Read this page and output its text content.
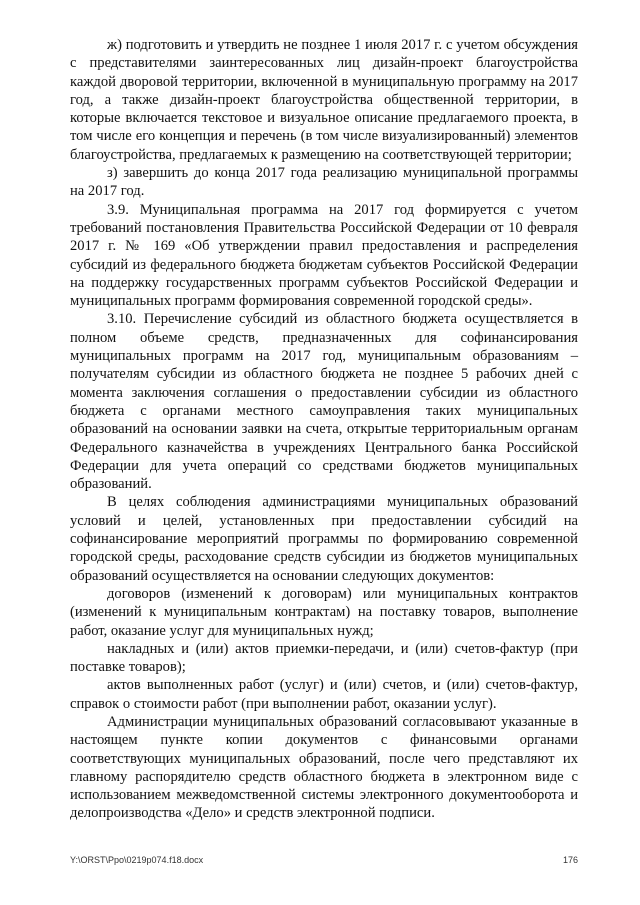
ж) подготовить и утвердить не позднее 1 июля 2017 г. с учетом обсуждения с представителями заинтересованных лиц дизайн-проект благоустройства каждой дворовой территории, включенной в муниципальную программу на 2017 год, а также дизайн-проект благоустройства общественной территории, в которые включается текстовое и визуальное описание предлагаемого проекта, в том числе его концепция и перечень (в том числе визуализированный) элементов благоустройства, предлагаемых к размещению на соответствующей территории;

з) завершить до конца 2017 года реализацию муниципальной программы на 2017 год.

3.9. Муниципальная программа на 2017 год формируется с учетом требований постановления Правительства Российской Федерации от 10 февраля 2017 г. № 169 «Об утверждении правил предоставления и распределения субсидий из федерального бюджета бюджетам субъектов Российской Федерации на поддержку государственных программ субъектов Российской Федерации и муниципальных программ формирования современной городской среды».

3.10. Перечисление субсидий из областного бюджета осуществляется в полном объеме средств, предназначенных для софинансирования муниципальных программ на 2017 год, муниципальным образованиям – получателям субсидии из областного бюджета не позднее 5 рабочих дней с момента заключения соглашения о предоставлении субсидии из областного бюджета с органами местного самоуправления таких муниципальных образований на основании заявки на счета, открытые территориальным органам Федерального казначейства в учреждениях Центрального банка Российской Федерации для учета операций со средствами бюджетов муниципальных образований.

В целях соблюдения администрациями муниципальных образований условий и целей, установленных при предоставлении субсидий на софинансирование мероприятий программы по формированию современной городской среды, расходование средств субсидии из бюджетов муниципальных образований осуществляется на основании следующих документов:

договоров (изменений к договорам) или муниципальных контрактов (изменений к муниципальным контрактам) на поставку товаров, выполнение работ, оказание услуг для муниципальных нужд;

накладных и (или) актов приемки-передачи, и (или) счетов-фактур (при поставке товаров);

актов выполненных работ (услуг) и (или) счетов, и (или) счетов-фактур, справок о стоимости работ (при выполнении работ, оказании услуг).

Администрации муниципальных образований согласовывают указанные в настоящем пункте копии документов с финансовыми органами соответствующих муниципальных образований, после чего представляют их главному распорядителю средств областного бюджета в электронном виде с использованием межведомственной системы электронного документооборота и делопроизводства «Дело» и средств электронной подписи.

Y:\ORST\Ppo\0219p074.f18.docx	176
